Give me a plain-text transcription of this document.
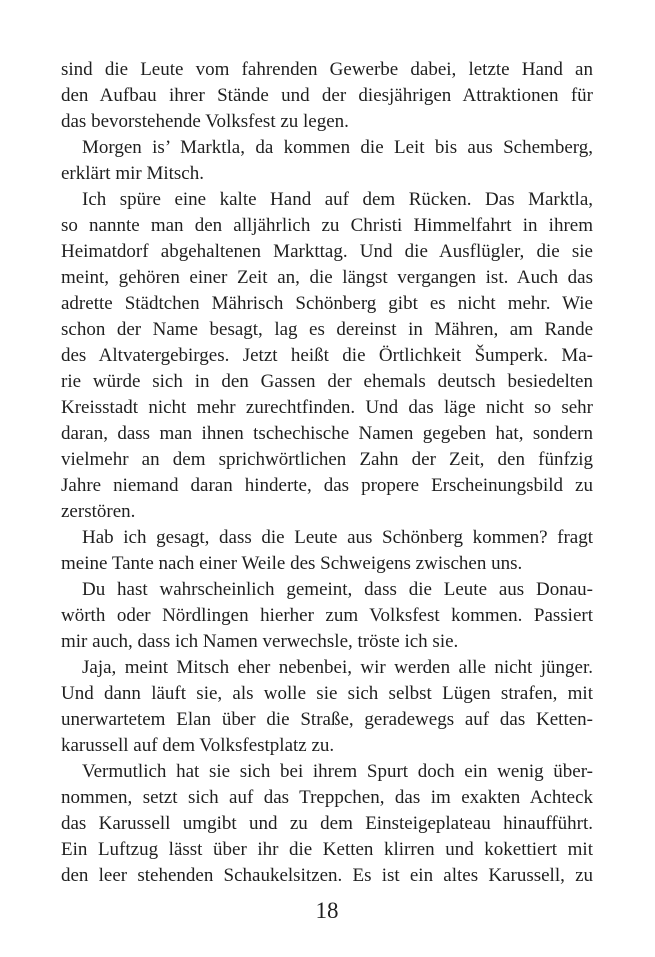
sind die Leute vom fahrenden Gewerbe dabei, letzte Hand an
den Aufbau ihrer Stände und der diesjährigen Attraktionen für
das bevorstehende Volksfest zu legen.
Morgen is’ Marktla, da kommen die Leit bis aus Schemberg,
erklärt mir Mitsch.
Ich spüre eine kalte Hand auf dem Rücken. Das Marktla,
so nannte man den alljährlich zu Christi Himmelfahrt in ihrem
Heimatdorf abgehaltenen Markttag. Und die Ausflügler, die sie
meint, gehören einer Zeit an, die längst vergangen ist. Auch das
adrette Städtchen Mährisch Schönberg gibt es nicht mehr. Wie
schon der Name besagt, lag es dereinst in Mähren, am Rande
des Altvatergebirges. Jetzt heißt die Örtlichkeit Šumperk. Ma-
rie würde sich in den Gassen der ehemals deutsch besiedelten
Kreisstadt nicht mehr zurechtfinden. Und das läge nicht so sehr
daran, dass man ihnen tschechische Namen gegeben hat, sondern
vielmehr an dem sprichwörtlichen Zahn der Zeit, den fünfzig
Jahre niemand daran hinderte, das propere Erscheinungsbild zu
zerstören.
Hab ich gesagt, dass die Leute aus Schönberg kommen? fragt
meine Tante nach einer Weile des Schweigens zwischen uns.
Du hast wahrscheinlich gemeint, dass die Leute aus Donau-
wörth oder Nördlingen hierher zum Volksfest kommen. Passiert
mir auch, dass ich Namen verwechsle, tröste ich sie.
Jaja, meint Mitsch eher nebenbei, wir werden alle nicht jünger.
Und dann läuft sie, als wolle sie sich selbst Lügen strafen, mit
unerwartetem Elan über die Straße, geradewegs auf das Ketten-
karussell auf dem Volksfestplatz zu.
Vermutlich hat sie sich bei ihrem Spurt doch ein wenig über-
nommen, setzt sich auf das Treppchen, das im exakten Achteck
das Karussell umgibt und zu dem Einsteigeplateau hinaufführt.
Ein Luftzug lässt über ihr die Ketten klirren und kokettiert mit
den leer stehenden Schaukelsitzen. Es ist ein altes Karussell, zu
18
